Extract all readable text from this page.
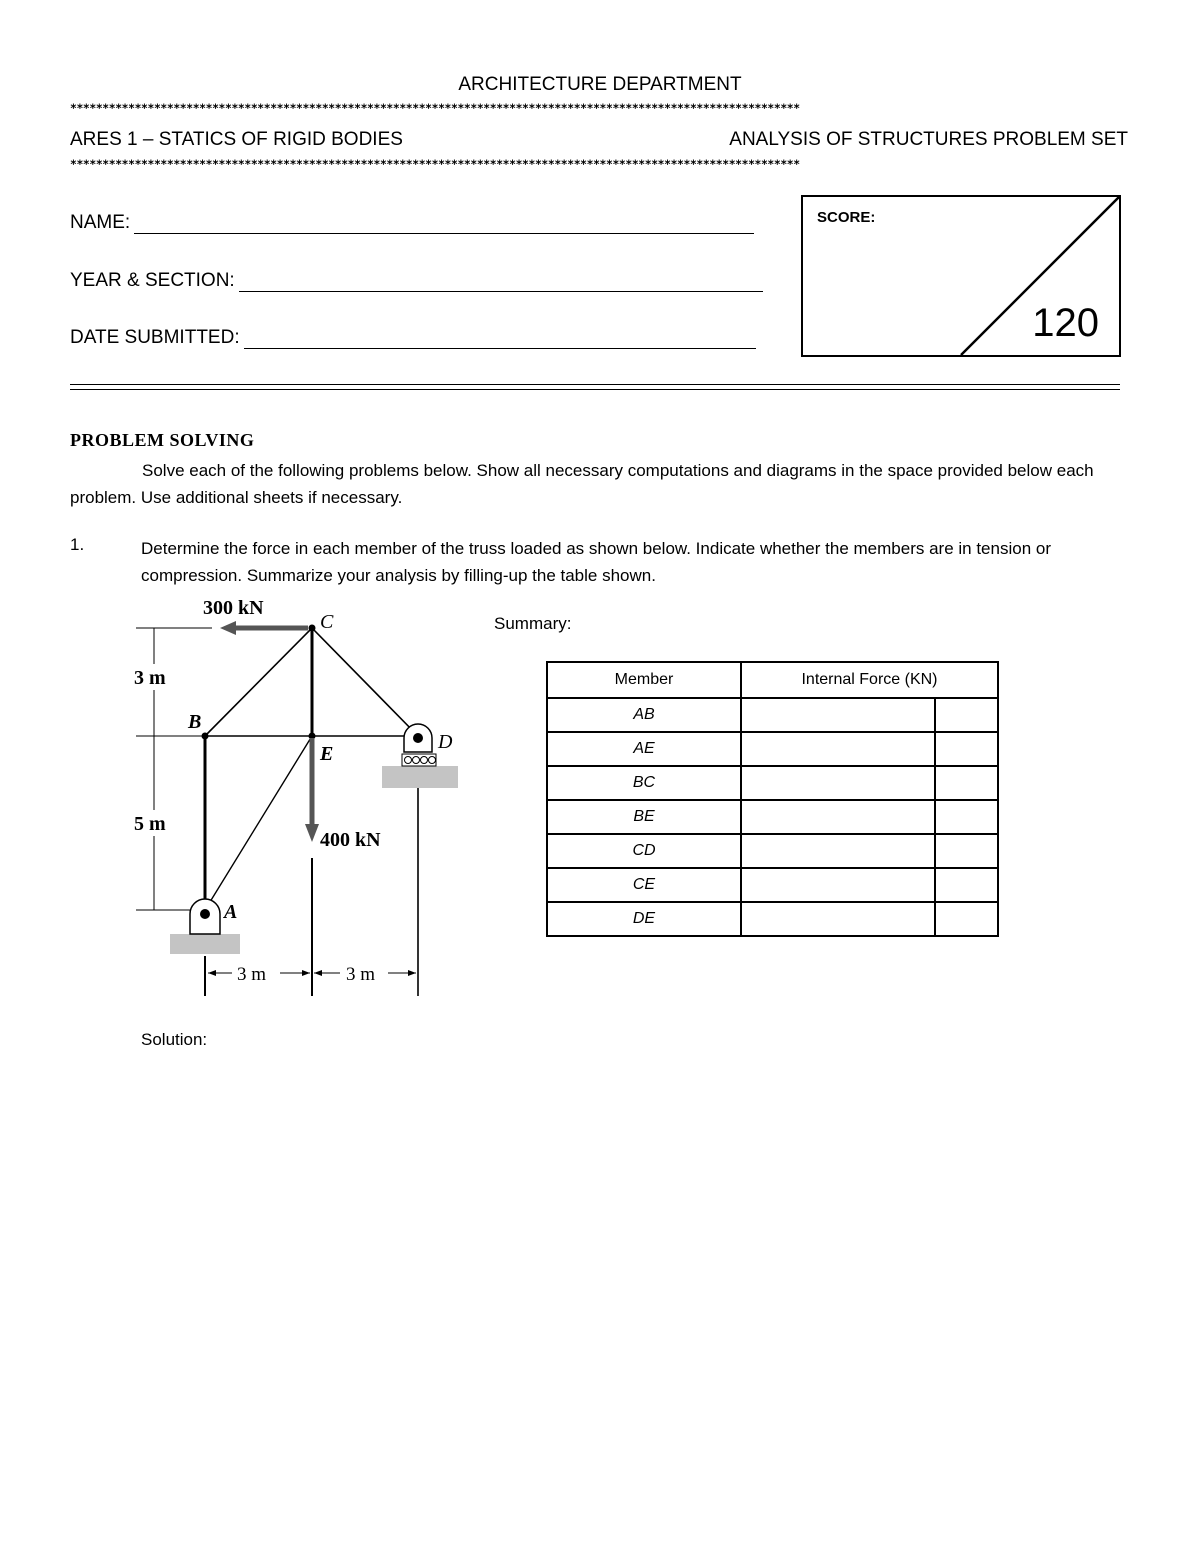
ARCHITECTURE DEPARTMENT
*****************************************************************************************************************
ARES 1 – STATICS OF RIGID BODIES	ANALYSIS OF STRUCTURES PROBLEM SET
*****************************************************************************************************************
NAME:
YEAR & SECTION:
DATE SUBMITTED:
SCORE:
120
PROBLEM SOLVING
Solve each of the following problems below. Show all necessary computations and diagrams in the space provided below each problem. Use additional sheets if necessary.
1.	Determine the force in each member of the truss loaded as shown below. Indicate whether the members are in tension or compression. Summarize your analysis by filling-up the table shown.
300 kN
C
B
E
D
A
3 m
5 m
400 kN
3 m	3 m
Summary:
Member	Internal Force (KN)	
AB		
AE		
BC		
BE		
CD		
CE		
DE		
Solution:
